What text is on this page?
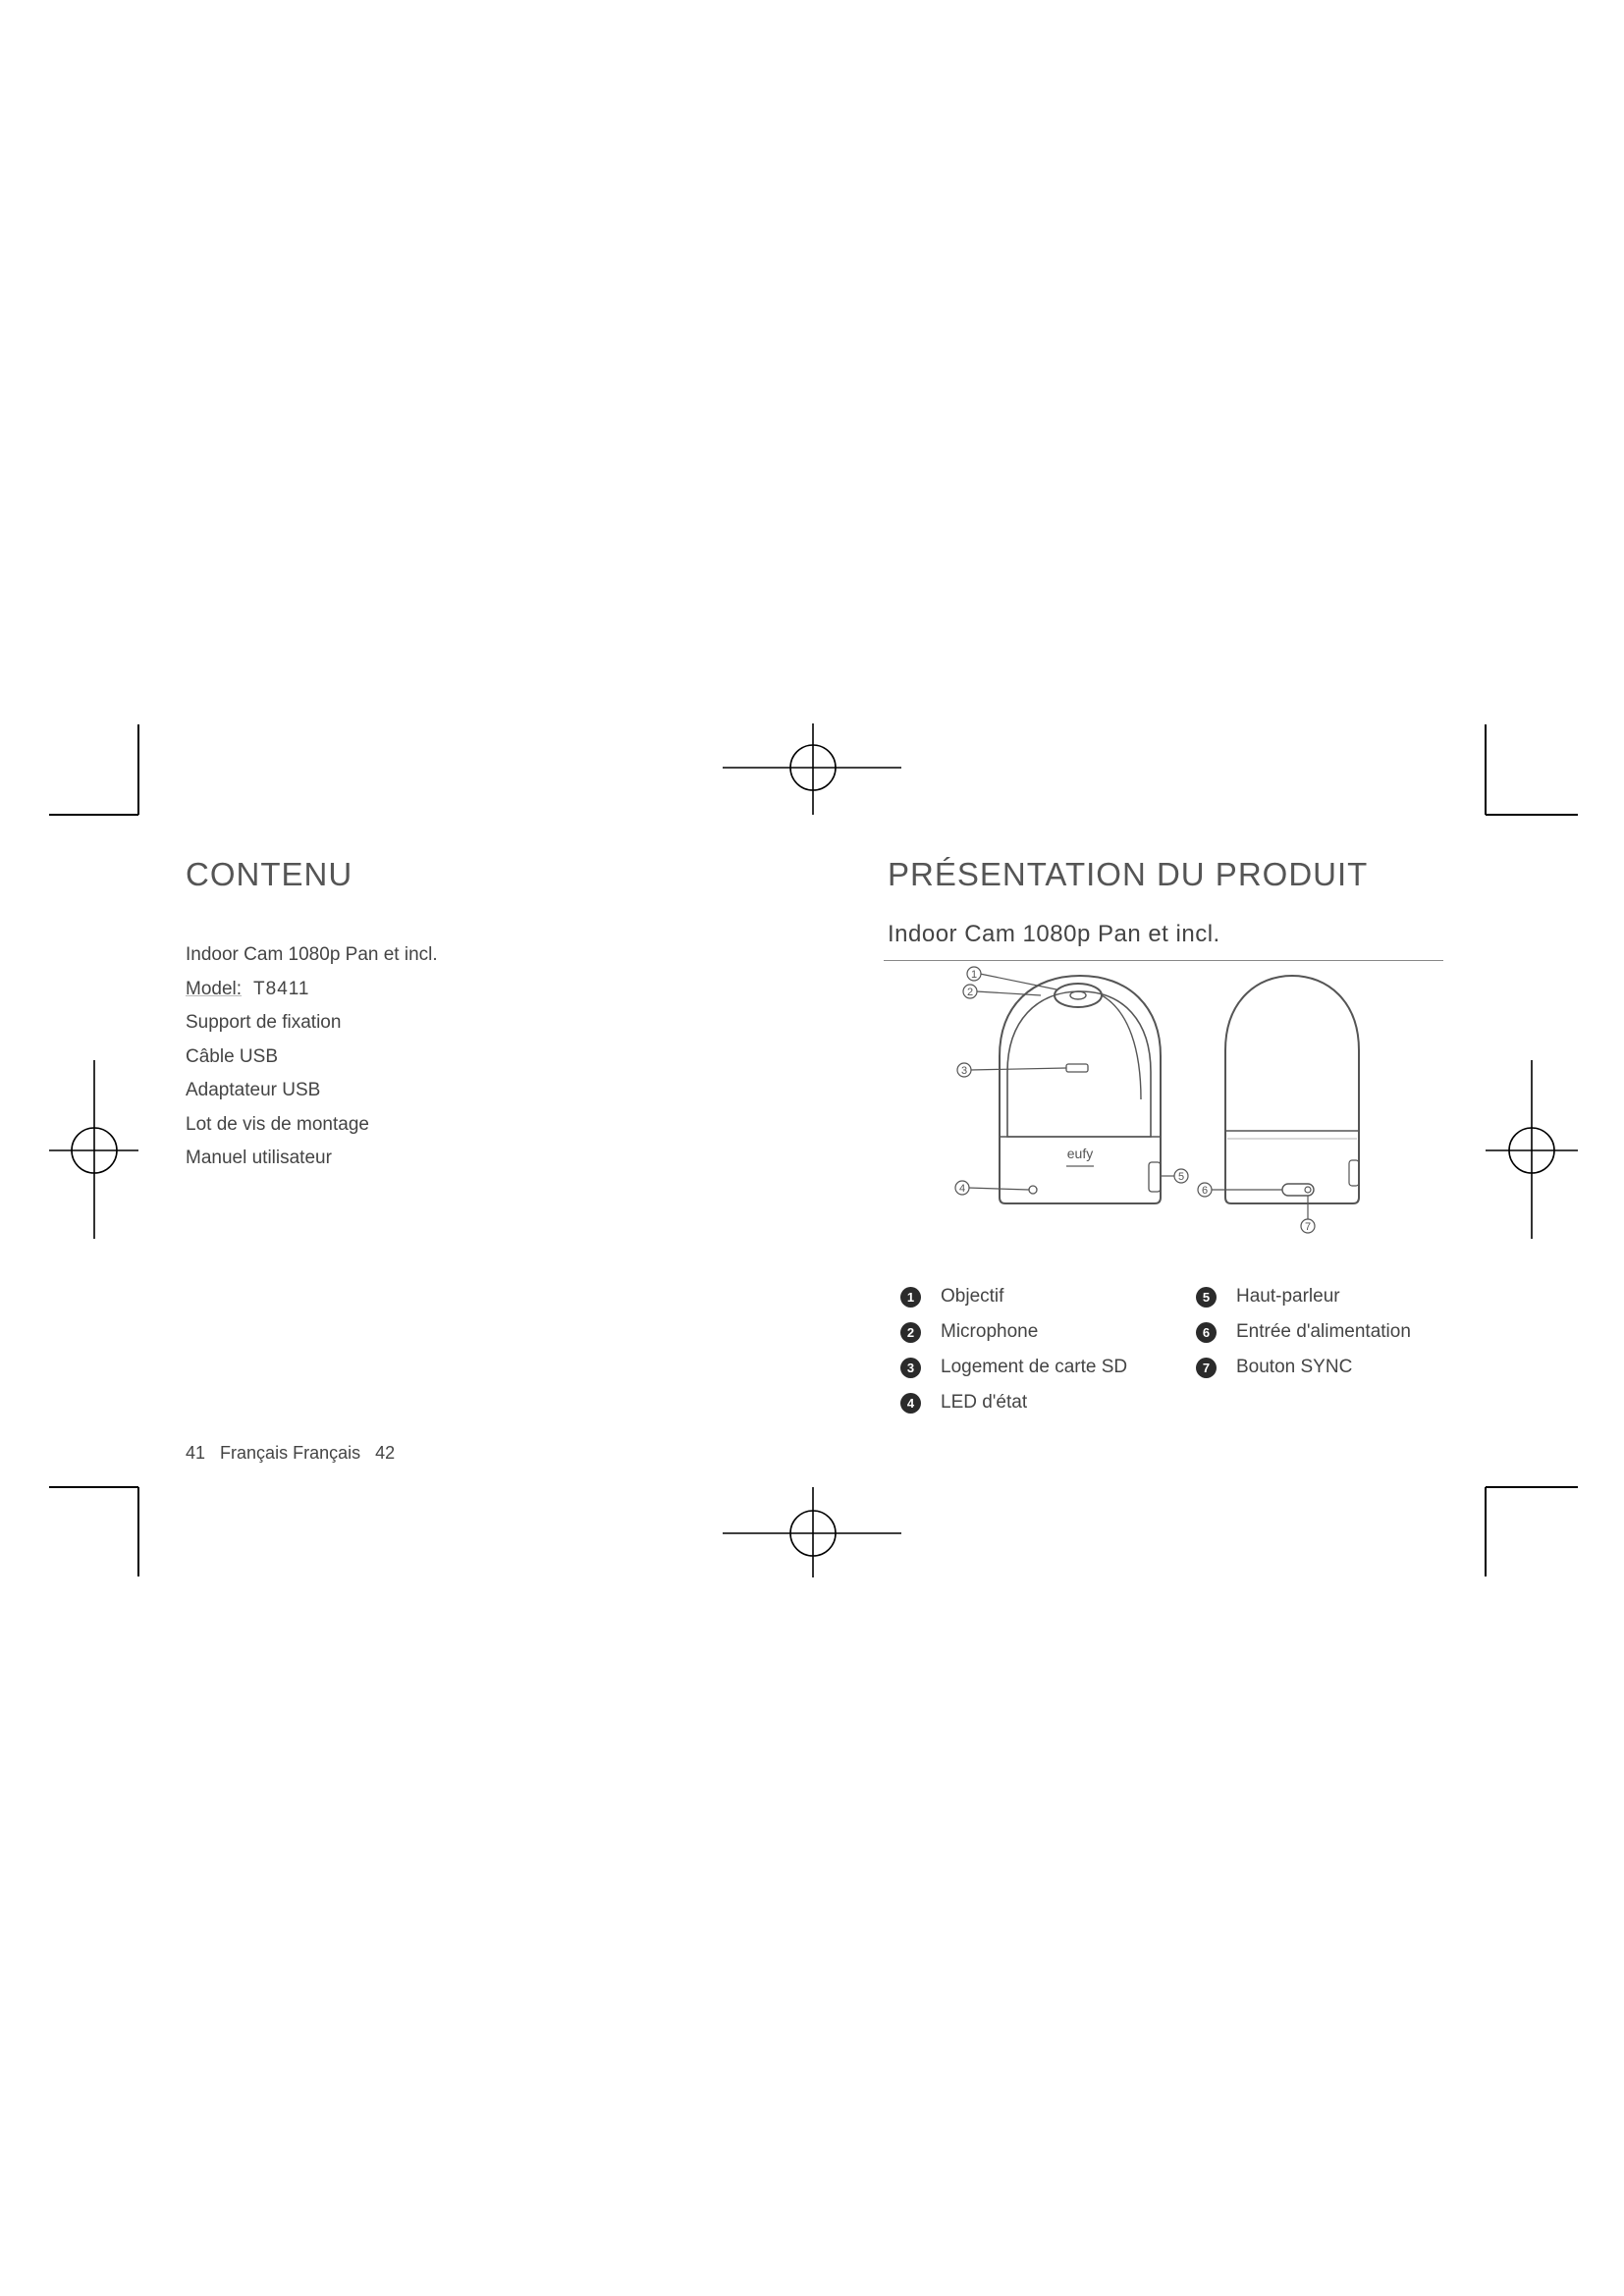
CONTENU
Indoor Cam 1080p Pan et incl.
Model: T8411
Support de fixation
Câble USB
Adaptateur USB
Lot de vis de montage
Manuel utilisateur
41 Français Français 42
PRÉSENTATION DU PRODUIT
Indoor Cam 1080p Pan et incl.
eufy
1
2
3
4
5
6
7
1	Objectif
2	Microphone
3	Logement de carte SD
4	LED d'état
5	Haut-parleur
6	Entrée d'alimentation
7	Bouton SYNC
